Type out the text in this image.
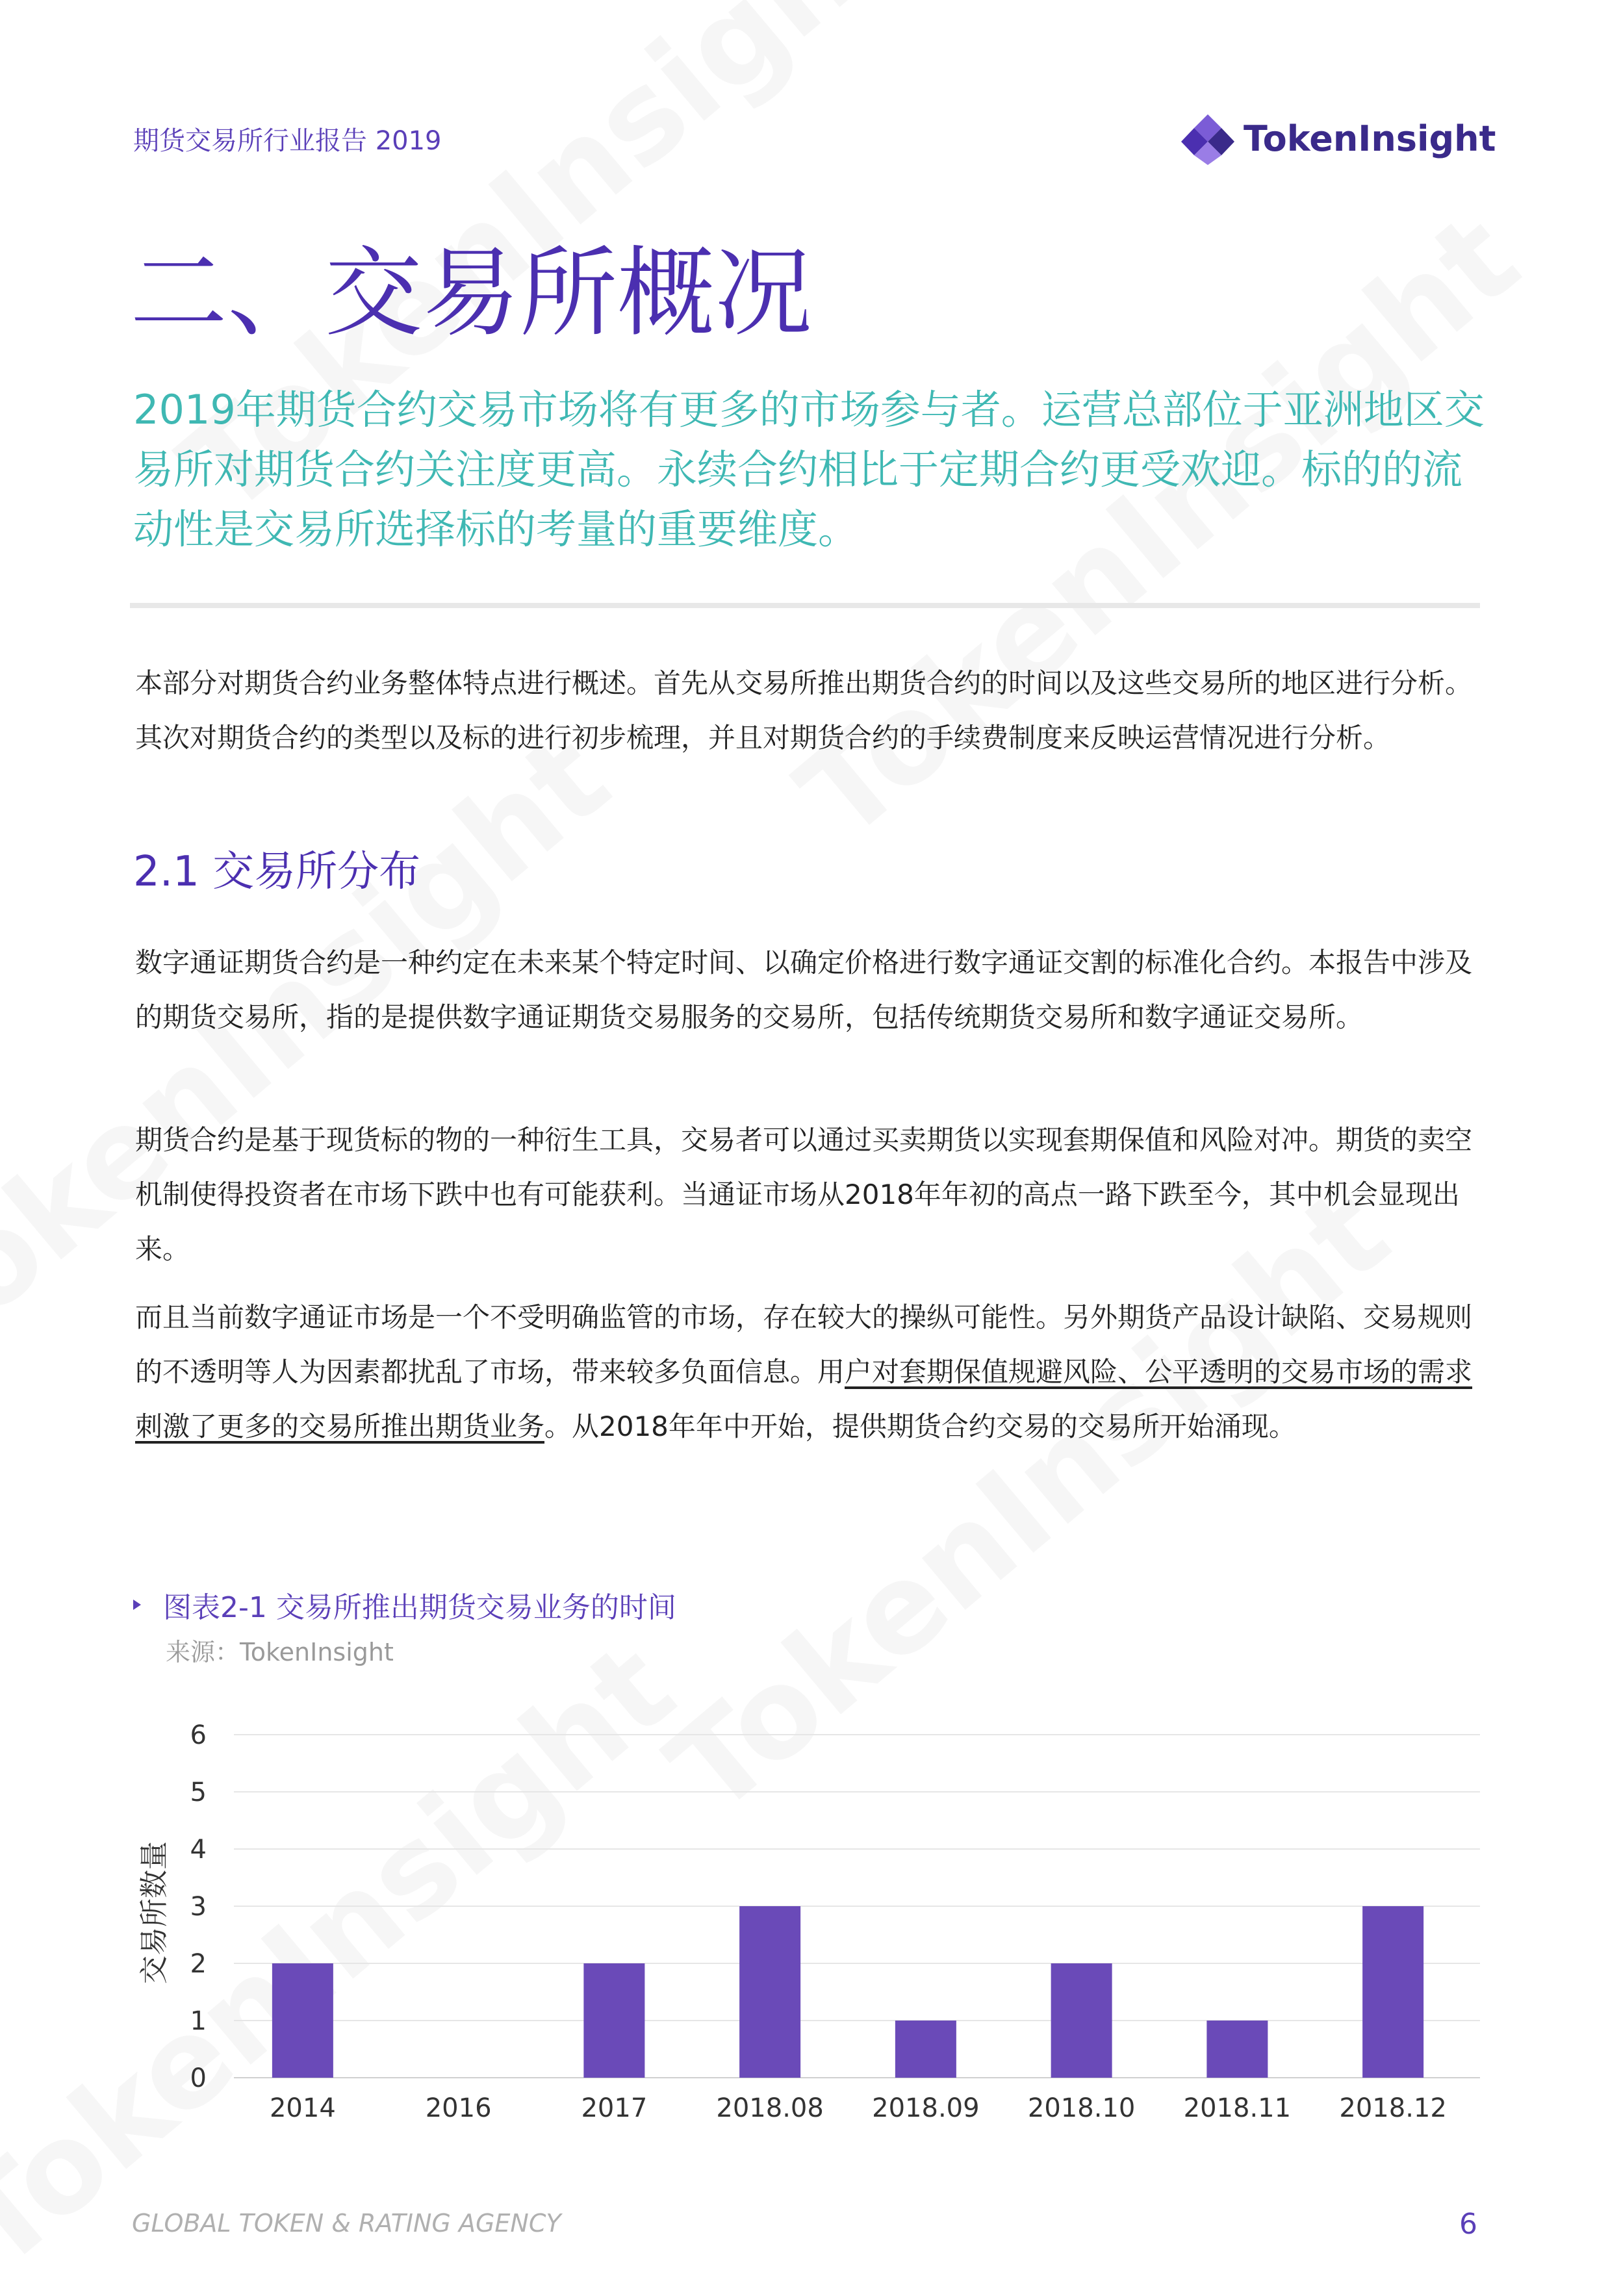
期货交易所行业报告 2019	TokenInsight
二、交易所概况
2019年期货合约交易市场将有更多的市场参与者。运营总部位于亚洲地区交易所对期货合约关注度更高。永续合约相比于定期合约更受欢迎。标的的流动性是交易所选择标的考量的重要维度。
本部分对期货合约业务整体特点进行概述。首先从交易所推出期货合约的时间以及这些交易所的地区进行分析。其次对期货合约的类型以及标的进行初步梳理，并且对期货合约的手续费制度来反映运营情况进行分析。
2.1 交易所分布
数字通证期货合约是一种约定在未来某个特定时间、以确定价格进行数字通证交割的标准化合约。本报告中涉及的期货交易所，指的是提供数字通证期货交易服务的交易所，包括传统期货交易所和数字通证交易所。
期货合约是基于现货标的物的一种衍生工具，交易者可以通过买卖期货以实现套期保值和风险对冲。期货的卖空机制使得投资者在市场下跌中也有可能获利。当通证市场从2018年年初的高点一路下跌至今，其中机会显现出来。
而且当前数字通证市场是一个不受明确监管的市场，存在较大的操纵可能性。另外期货产品设计缺陷、交易规则的不透明等人为因素都扰乱了市场，带来较多负面信息。用户对套期保值规避风险、公平透明的交易市场的需求刺激了更多的交易所推出期货业务。从2018年年中开始，提供期货合约交易的交易所开始涌现。
图表2-1 交易所推出期货交易业务的时间
来源：TokenInsight
0
1
2
3
4
5
6
交易所数量
2014	2016	2017	2018.08 2018.09 2018.10 2018.11 2018.12
GLOBAL TOKEN & RATING AGENCY	6
